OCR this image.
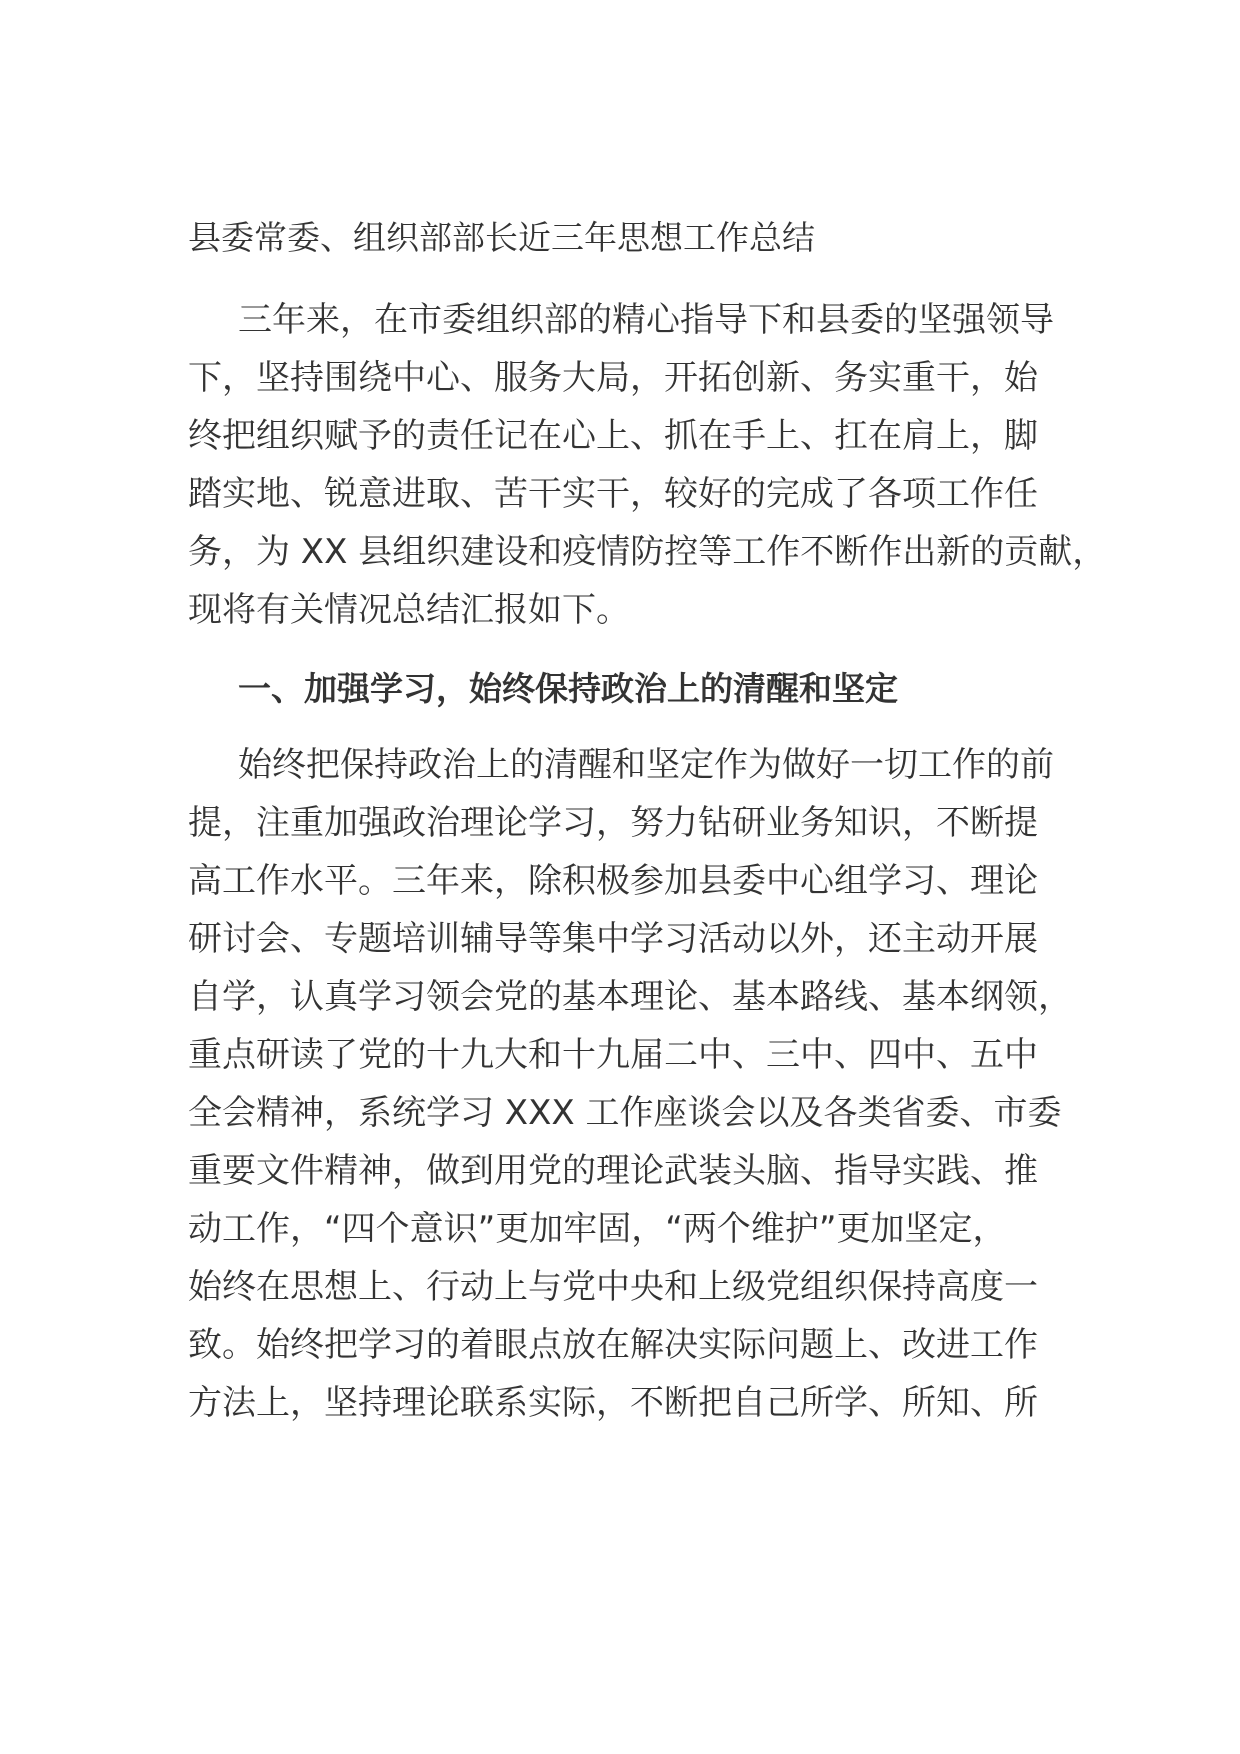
县委常委、组织部部长近三年思想工作总结
三年来，在市委组织部的精心指导下和县委的坚强领导
下，坚持围绕中心、服务大局，开拓创新、务实重干，始
终把组织赋予的责任记在心上、抓在手上、扛在肩上，脚
踏实地、锐意进取、苦干实干，较好的完成了各项工作任
务，为 XX 县组织建设和疫情防控等工作不断作出新的贡献，
现将有关情况总结汇报如下。
一、加强学习，始终保持政治上的清醒和坚定
始终把保持政治上的清醒和坚定作为做好一切工作的前
提，注重加强政治理论学习，努力钻研业务知识，不断提
高工作水平。三年来，除积极参加县委中心组学习、理论
研讨会、专题培训辅导等集中学习活动以外，还主动开展
自学，认真学习领会党的基本理论、基本路线、基本纲领，
重点研读了党的十九大和十九届二中、三中、四中、五中
全会精神，系统学习 XXX 工作座谈会以及各类省委、市委
重要文件精神，做到用党的理论武装头脑、指导实践、推
动工作，“四个意识”更加牢固，“两个维护”更加坚定，
始终在思想上、行动上与党中央和上级党组织保持高度一
致。始终把学习的着眼点放在解决实际问题上、改进工作
方法上，坚持理论联系实际，不断把自己所学、所知、所
